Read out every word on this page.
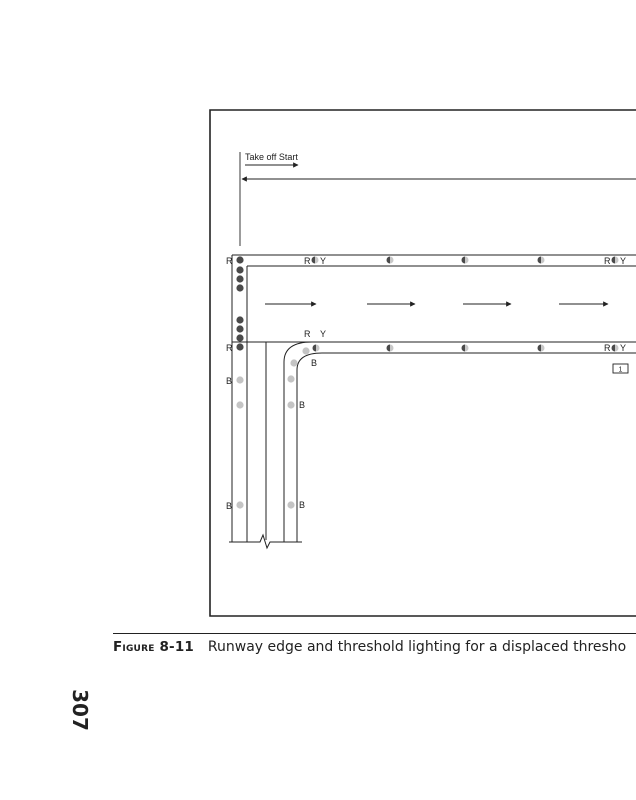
Take off Start
R
R
R Y	R Y
R Y
R Y
B
B
B
B	B
1
Figure 8-11 Runway edge and threshold lighting for a displaced thresho
307
